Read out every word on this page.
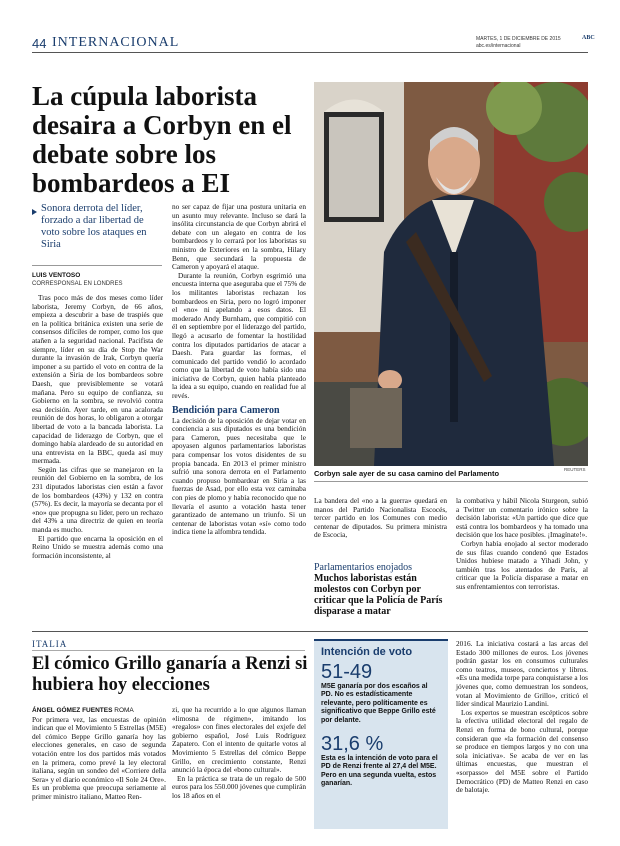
44 INTERNACIONAL	MARTES, 1 DE DICIEMBRE DE 2015	ABC
abc.es/internacional
La cúpula laborista desaira a Corbyn en el debate sobre los bombardeos a EI
Sonora derrota del líder, forzado a dar libertad de voto sobre los ataques en Siria
LUIS VENTOSO
CORRESPONSAL EN LONDRES

Tras poco más de dos meses como líder laborista, Jeremy Corbyn, de 66 años, empieza a descubrir a base de traspiés que en la política británica existen una serie de consensos difíciles de romper, como los que atañen a la seguridad nacional. Pacifista de siempre, líder en su día de Stop the War durante la invasión de Irak, Corbyn quería imponer a su partido el voto en contra de la extensión a Siria de los bombardeos sobre Daesh, que previsiblemente se votará mañana. Pero su equipo de confianza, su Gobierno en la sombra, se revolvió contra esa decisión. Ayer tarde, en una acalorada reunión de dos horas, lo obligaron a otorgar libertad de voto a la bancada laborista. La capacidad de liderazgo de Corbyn, que el domingo había alardeado de su autoridad en una entrevista en la BBC, queda así muy mermada.

Según las cifras que se manejaron en la reunión del Gobierno en la sombra, de los 231 diputados laboristas cien están a favor de los bombardeos (43%) y 132 en contra (57%). Es decir, la mayoría se decanta por el «no» que propugna su líder, pero un rechazo del 43% a una directriz de quien en teoría manda es mucho.

El partido que encarna la oposición en el Reino Unido se muestra además como una formación inconsistente, al

no ser capaz de fijar una postura unitaria en un asunto muy relevante. Incluso se dará la insólita circunstancia de que Corbyn abrirá el debate con un alegato en contra de los bombardeos y lo cerrará por los laboristas su ministro de Exteriores en la sombra, Hilary Benn, que secundará la propuesta de Cameron y apoyará el ataque.

Durante la reunión, Corbyn esgrimió una encuesta interna que aseguraba que el 75% de los militantes laboristas rechazan los bombardeos en Siria, pero no logró imponer el «no» ni apelando a esos datos. El moderado Andy Burnham, que compitió con él en septiembre por el liderazgo del partido, llegó a acusarlo de fomentar la hostilidad contra los diputados partidarios de atacar a Daesh. Para guardar las formas, el comunicado del partido vendió lo acordado como que la libertad de voto había sido una iniciativa de Corbyn, quien había planteado la idea a su equipo, cuando en realidad fue al revés.

Bendición para Cameron

La decisión de la oposición de dejar votar en conciencia a sus diputados es una bendición para Cameron, pues necesitaba que le apoyasen algunos parlamentarios laboristas para compensar los votos disidentes de su propia bancada. En 2013 el primer ministro sufrió una sonora derrota en el Parlamento cuando propuso bombardear en Siria a las fuerzas de Asad, por ello esta vez caminaba con pies de plomo y había reconocido que no llevaría el asunto a votación hasta tener garantizado de antemano un triunfo. Si un centenar de laboristas votan «sí» como todo indica tiene la alfombra tendida.

REUTERS
Corbyn sale ayer de su casa camino del Parlamento

La bandera del «no a la guerra» quedará en manos del Partido Nacionalista Escocés, tercer partido en los Comunes con medio centenar de diputados. Su primera ministra de Escocia,

Parlamentarios enojados
Muchos laboristas están molestos con Corbyn por criticar que la Policía de París disparase a matar

la combativa y hábil Nicola Sturgeon, subió a Twitter un comentario irónico sobre la decisión laborista: «Un partido que dice que está contra los bombardeos y ha tomado una decisión que los hace posibles. ¡Imagínate!».

Corbyn había enojado al sector moderado de sus filas cuando condenó que Estados Unidos hubiese matado a Yihadi John, y también tras los atentados de París, al criticar que la Policía disparase a matar en sus enfrentamientos con terroristas.

ITALIA
El cómico Grillo ganaría a Renzi si hubiera hoy elecciones

ÁNGEL GÓMEZ FUENTES ROMA

Por primera vez, las encuestas de opinión indican que el Movimiento 5 Estrellas (M5E) del cómico Beppe Grillo ganaría hoy las elecciones generales, en caso de segunda votación entre los dos partidos más votados en la primera, como prevé la ley electoral italiana, según un sondeo del «Corriere della Sera» y el diario económico «Il Sole 24 Ore». Es un problema que preocupa seriamente al primer ministro italiano, Matteo Ren-

zi, que ha recurrido a lo que algunos llaman «limosna de régimen», imitando los «regalos» con fines electorales del exjefe del gobierno español, José Luis Rodríguez Zapatero. Con el intento de quitarle votos al Movimiento 5 Estrellas del cómico Beppe Grillo, en crecimiento constante, Renzi anunció la época del «bono cultural».

En la práctica se trata de un regalo de 500 euros para los 550.000 jóvenes que cumplirán los 18 años en el

Intención de voto
51-49
M5E ganaría por dos escaños al PD. No es estadísticamente relevante, pero políticamente es significativo que Beppe Grillo esté por delante.
31,6 %
Esta es la intención de voto para el PD de Renzi frente al 27,4 del M5E. Pero en una segunda vuelta, estos ganarían.

2016. La iniciativa costará a las arcas del Estado 300 millones de euros. Los jóvenes podrán gastar los en consumos culturales como teatros, museos, conciertos y libros. «Es una medida torpe para conquistarse a los jóvenes que, como demuestran los sondeos, votan al Movimiento de Grillo», criticó el líder sindical Maurizio Landini.

Los expertos se muestran escépticos sobre la efectiva utilidad electoral del regalo de Renzi en forma de bono cultural, porque consideran que «la formación del consenso se produce en tiempos largos y no con una sola iniciativa». Se acaba de ver en las últimas encuestas, que muestran el «sorpasso» del M5E sobre el Partido Democrático (PD) de Matteo Renzi en caso de balotaje.
